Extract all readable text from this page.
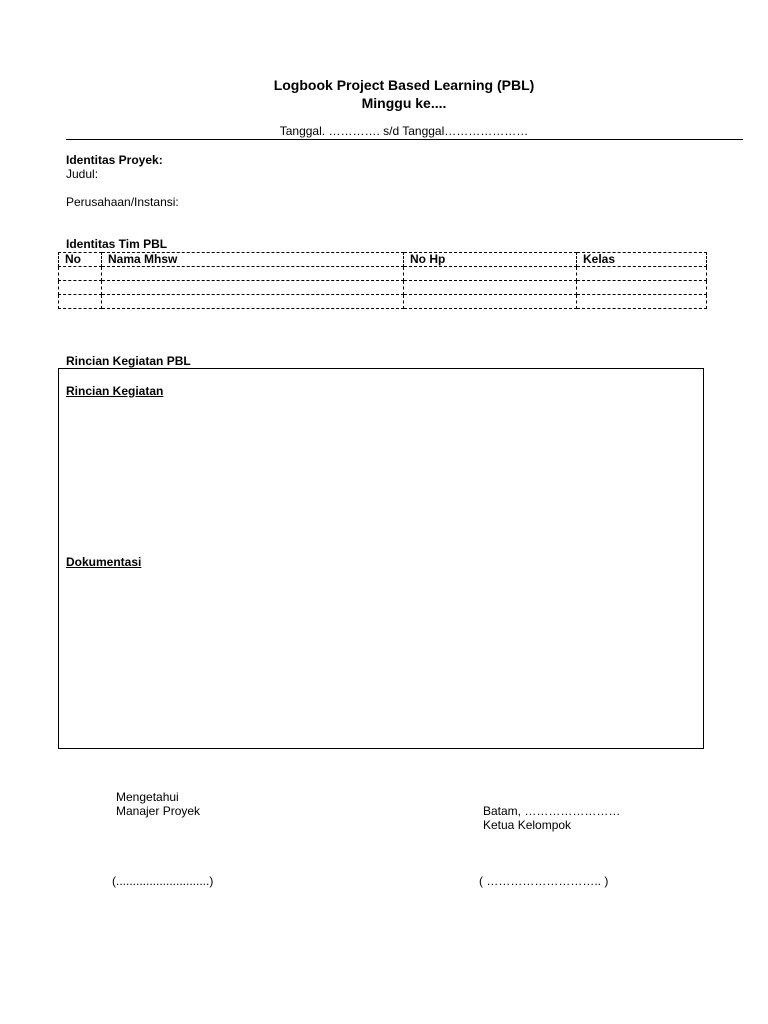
Logbook Project Based Learning (PBL)
Minggu ke....
Tanggal. …………. s/d Tanggal…………………
Identitas Proyek:
Judul:
Perusahaan/Instansi:
Identitas Tim PBL
No	Nama Mhsw	No Hp	Kelas

Rincian Kegiatan PBL
Rincian Kegiatan
Dokumentasi
Mengetahui
Manajer Proyek
(............................)
Batam, ……………………
Ketua Kelompok
( ……………………….. )
